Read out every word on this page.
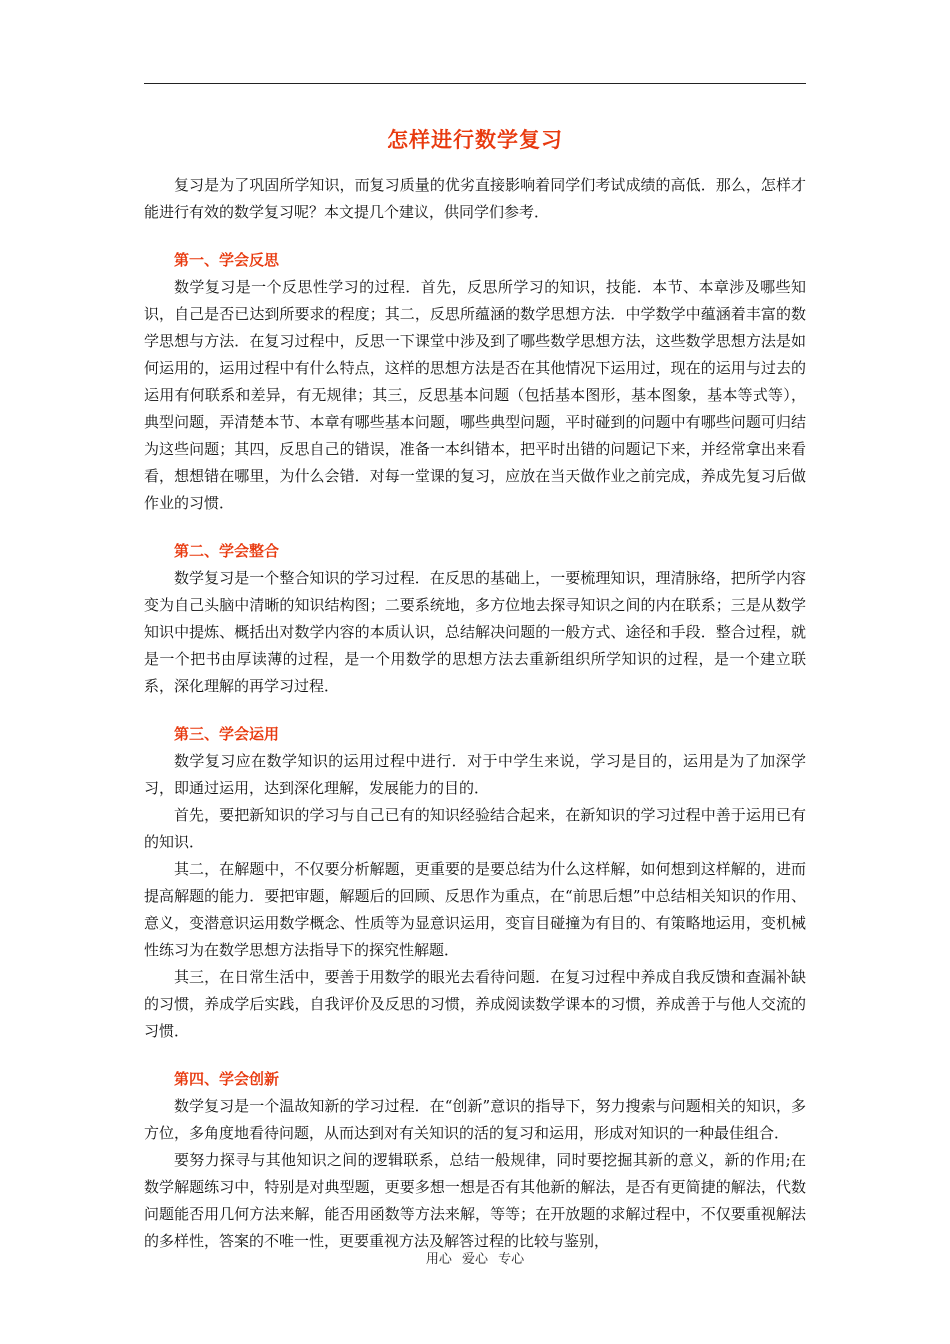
怎样进行数学复习

复习是为了巩固所学知识，而复习质量的优劣直接影响着同学们考试成绩的高低．那么，怎样才能进行有效的数学复习呢？本文提几个建议，供同学们参考．

第一、学会反思

数学复习是一个反思性学习的过程．首先，反思所学习的知识，技能．本节、本章涉及哪些知识，自己是否已达到所要求的程度；其二，反思所蕴涵的数学思想方法．中学数学中蕴涵着丰富的数学思想与方法．在复习过程中，反思一下课堂中涉及到了哪些数学思想方法，这些数学思想方法是如何运用的，运用过程中有什么特点，这样的思想方法是否在其他情况下运用过，现在的运用与过去的运用有何联系和差异，有无规律；其三，反思基本问题（包括基本图形，基本图象，基本等式等），典型问题，弄清楚本节、本章有哪些基本问题，哪些典型问题，平时碰到的问题中有哪些问题可归结为这些问题；其四，反思自己的错误，准备一本纠错本，把平时出错的问题记下来，并经常拿出来看看，想想错在哪里，为什么会错．对每一堂课的复习，应放在当天做作业之前完成，养成先复习后做作业的习惯．

第二、学会整合

数学复习是一个整合知识的学习过程．在反思的基础上，一要梳理知识，理清脉络，把所学内容变为自己头脑中清晰的知识结构图；二要系统地，多方位地去探寻知识之间的内在联系；三是从数学知识中提炼、概括出对数学内容的本质认识，总结解决问题的一般方式、途径和手段．整合过程，就是一个把书由厚读薄的过程，是一个用数学的思想方法去重新组织所学知识的过程，是一个建立联系，深化理解的再学习过程．

第三、学会运用

数学复习应在数学知识的运用过程中进行．对于中学生来说，学习是目的，运用是为了加深学习，即通过运用，达到深化理解，发展能力的目的．

首先，要把新知识的学习与自己已有的知识经验结合起来，在新知识的学习过程中善于运用已有的知识．

其二，在解题中，不仅要分析解题，更重要的是要总结为什么这样解，如何想到这样解的，进而提高解题的能力．要把审题，解题后的回顾、反思作为重点，在“前思后想”中总结相关知识的作用、意义，变潜意识运用数学概念、性质等为显意识运用，变盲目碰撞为有目的、有策略地运用，变机械性练习为在数学思想方法指导下的探究性解题．

其三，在日常生活中，要善于用数学的眼光去看待问题．在复习过程中养成自我反馈和查漏补缺的习惯，养成学后实践，自我评价及反思的习惯，养成阅读数学课本的习惯，养成善于与他人交流的习惯．

第四、学会创新

数学复习是一个温故知新的学习过程．在“创新”意识的指导下，努力搜索与问题相关的知识，多方位，多角度地看待问题，从而达到对有关知识的活的复习和运用，形成对知识的一种最佳组合．

要努力探寻与其他知识之间的逻辑联系，总结一般规律，同时要挖掘其新的意义，新的作用;在数学解题练习中，特别是对典型题，更要多想一想是否有其他新的解法，是否有更简捷的解法，代数问题能否用几何方法来解，能否用函数等方法来解，等等；在开放题的求解过程中，不仅要重视解法的多样性，答案的不唯一性，更要重视方法及解答过程的比较与鉴别，

用心 爱心 专心
